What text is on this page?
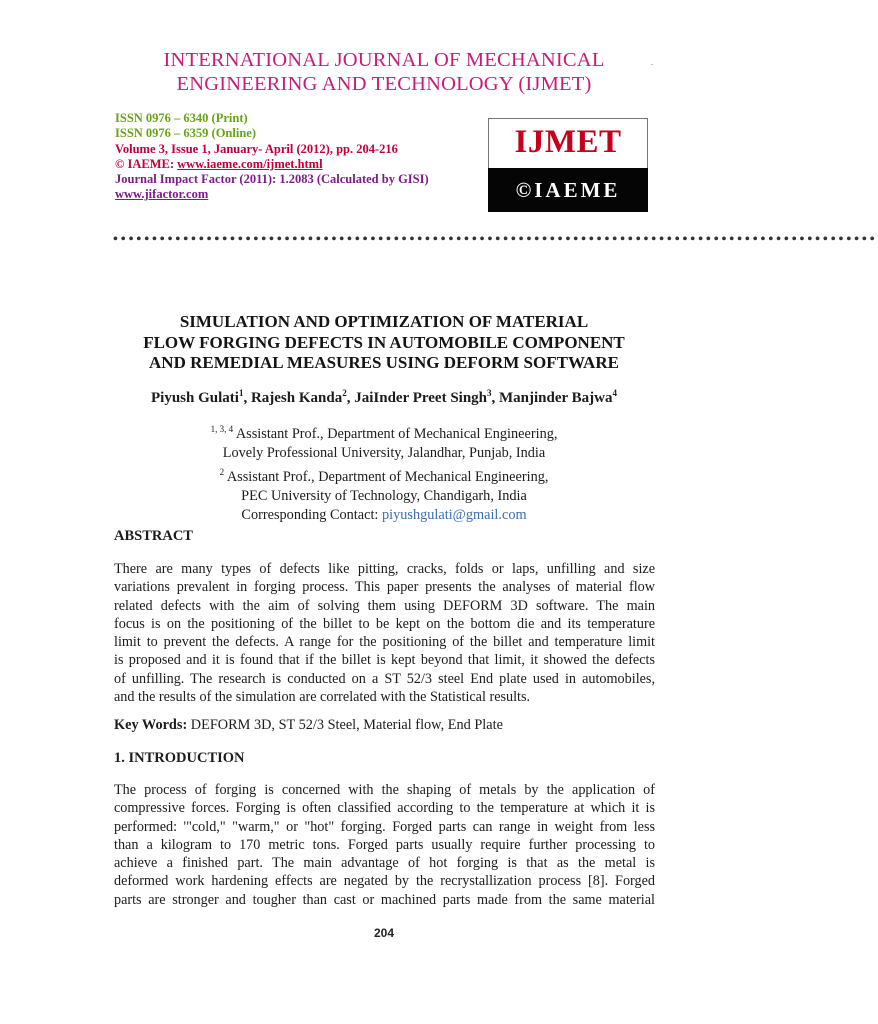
INTERNATIONAL JOURNAL OF MECHANICAL
ENGINEERING AND TECHNOLOGY (IJMET)
.
ISSN 0976 – 6340 (Print)
ISSN 0976 – 6359 (Online)
Volume 3, Issue 1, January- April (2012), pp. 204-216
© IAEME: www.iaeme.com/ijmet.html
Journal Impact Factor (2011): 1.2083 (Calculated by GISI)
www.jifactor.com
IJMET
©IAEME
••••••••••••••••••••••••••••••••••••••••••••••••••••••••••••••••••••••••••••••••••••••••••••••••••
SIMULATION AND OPTIMIZATION OF MATERIAL
FLOW FORGING DEFECTS IN AUTOMOBILE COMPONENT
AND REMEDIAL MEASURES USING DEFORM SOFTWARE
Piyush Gulati$^1$, Rajesh Kanda$^2$, JaiInder Preet Singh$^3$, Manjinder Bajwa$^4$
$^{1, 3, 4}$ Assistant Prof., Department of Mechanical Engineering,
Lovely Professional University, Jalandhar, Punjab, India
$^2$ Assistant Prof., Department of Mechanical Engineering,
PEC University of Technology, Chandigarh, India
Corresponding Contact: piyushgulati@gmail.com
ABSTRACT
There are many types of defects like pitting, cracks, folds or laps, unfilling and size
variations prevalent in forging process. This paper presents the analyses of material flow
related defects with the aim of solving them using DEFORM 3D software. The main
focus is on the positioning of the billet to be kept on the bottom die and its temperature
limit to prevent the defects. A range for the positioning of the billet and temperature limit
is proposed and it is found that if the billet is kept beyond that limit, it showed the defects
of unfilling. The research is conducted on a ST 52/3 steel End plate used in automobiles,
and the results of the simulation are correlated with the Statistical results.
Key Words: DEFORM 3D, ST 52/3 Steel, Material flow, End Plate
1. INTRODUCTION
The process of forging is concerned with the shaping of metals by the application of
compressive forces. Forging is often classified according to the temperature at which it is
performed: '"cold," "warm," or "hot" forging. Forged parts can range in weight from less
than a kilogram to 170 metric tons. Forged parts usually require further processing to
achieve a finished part. The main advantage of hot forging is that as the metal is
deformed work hardening effects are negated by the recrystallization process [8]. Forged
parts are stronger and tougher than cast or machined parts made from the same material
204
